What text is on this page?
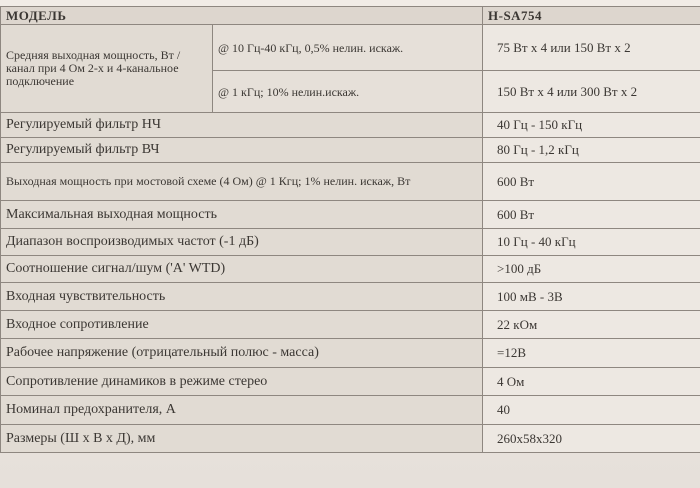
МОДЕЛЬ		H-SA754
Средняя выходная мощность, Вт / канал при 4 Ом 2-х и 4-канальное подключение	@ 10 Гц-40 кГц, 0,5% нелин. искаж.	75 Вт x 4 или 150 Вт x 2
	@ 1 кГц; 10% нелин.искаж.	150 Вт x 4 или 300 Вт x 2
Регулируемый фильтр НЧ		40 Гц - 150 кГц
Регулируемый фильтр ВЧ		80 Гц - 1,2 кГц
Выходная мощность при мостовой схеме (4 Ом) @ 1 Кгц; 1% нелин. искаж, Вт		600 Вт
Максимальная выходная мощность		600 Вт
Диапазон воспроизводимых частот (-1 дБ)		10 Гц - 40 кГц
Соотношение сигнал/шум ('A' WTD)		>100 дБ
Входная чувствительность		100 мВ - 3В
Входное сопротивление		22 кОм
Рабочее напряжение (отрицательный полюс - масса)		=12В
Сопротивление динамиков в режиме стерео		4 Ом
Номинал предохранителя, А		40
Размеры (Ш х В х Д), мм		260x58x320
